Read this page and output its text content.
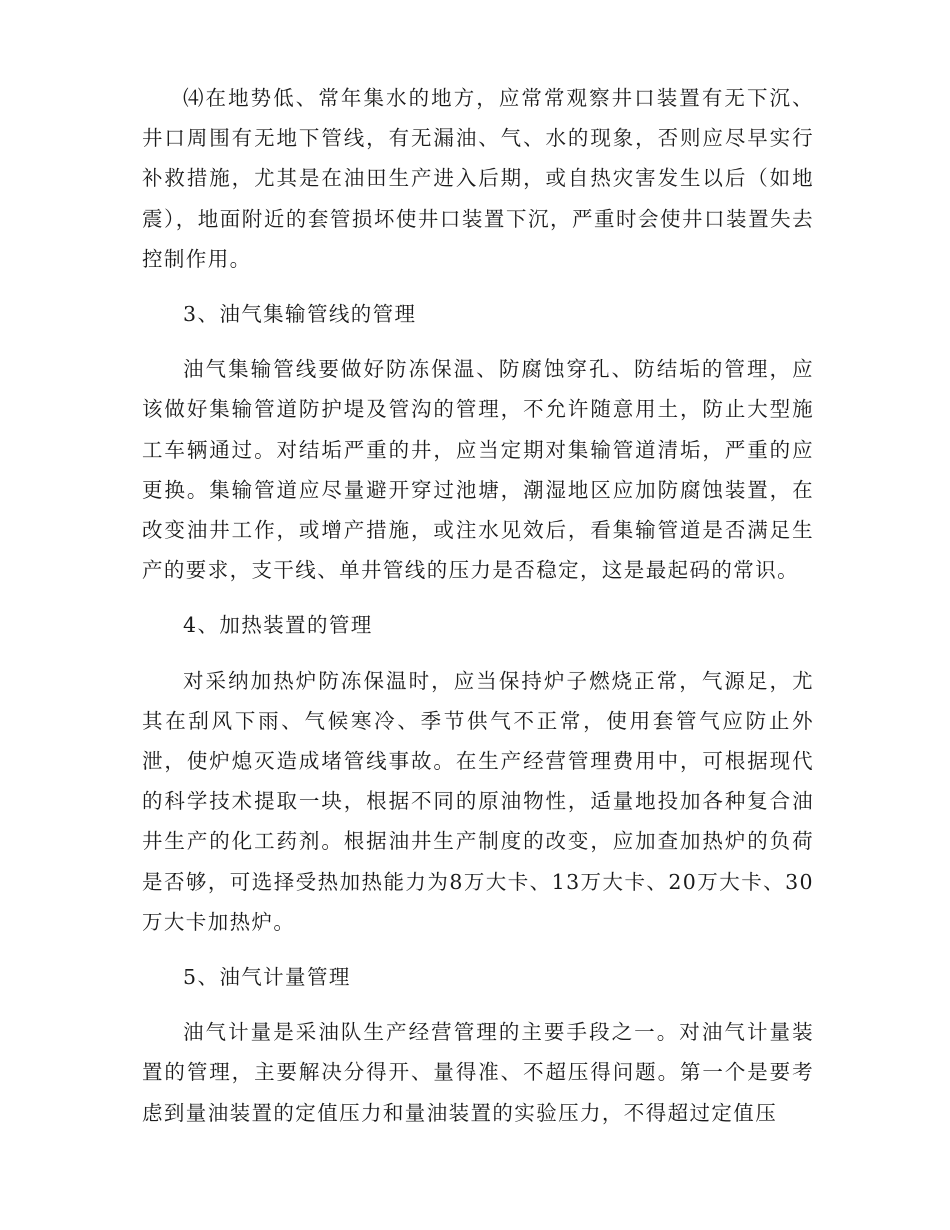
⑷在地势低、常年集水的地方，应常常观察井口装置有无下沉、井口周围有无地下管线，有无漏油、气、水的现象，否则应尽早实行补救措施，尤其是在油田生产进入后期，或自热灾害发生以后（如地震），地面附近的套管损坏使井口装置下沉，严重时会使井口装置失去控制作用。

3、油气集输管线的管理

油气集输管线要做好防冻保温、防腐蚀穿孔、防结垢的管理，应该做好集输管道防护堤及管沟的管理，不允许随意用土，防止大型施工车辆通过。对结垢严重的井，应当定期对集输管道清垢，严重的应更换。集输管道应尽量避开穿过池塘，潮湿地区应加防腐蚀装置，在改变油井工作，或增产措施，或注水见效后，看集输管道是否满足生产的要求，支干线、单井管线的压力是否稳定，这是最起码的常识。

4、加热装置的管理

对采纳加热炉防冻保温时，应当保持炉子燃烧正常，气源足，尤其在刮风下雨、气候寒冷、季节供气不正常，使用套管气应防止外泄，使炉熄灭造成堵管线事故。在生产经营管理费用中，可根据现代的科学技术提取一块，根据不同的原油物性，适量地投加各种复合油井生产的化工药剂。根据油井生产制度的改变，应加查加热炉的负荷是否够，可选择受热加热能力为8万大卡、13万大卡、20万大卡、30万大卡加热炉。

5、油气计量管理

油气计量是采油队生产经营管理的主要手段之一。对油气计量装置的管理，主要解决分得开、量得准、不超压得问题。第一个是要考虑到量油装置的定值压力和量油装置的实验压力，不得超过定值压
